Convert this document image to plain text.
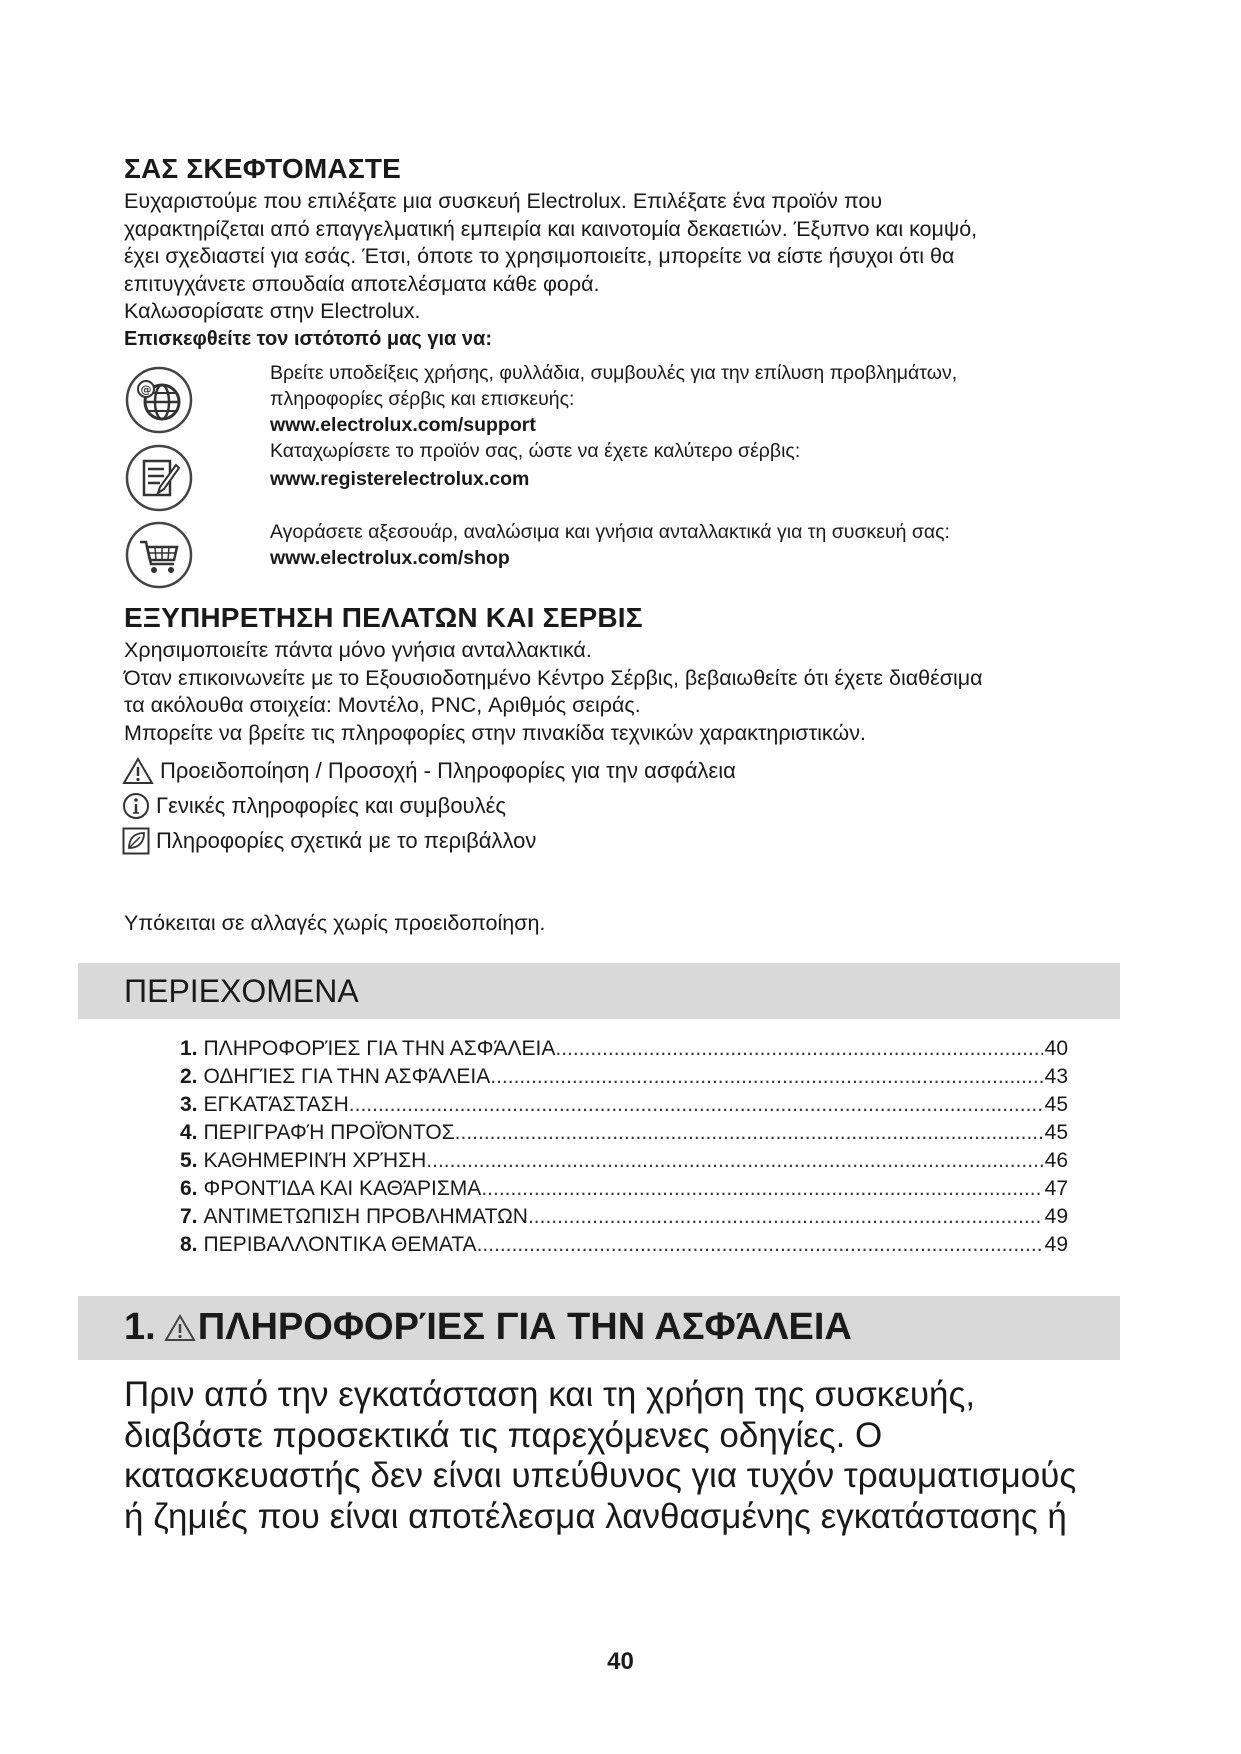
ΣΑΣ ΣΚΕΦΤΟΜΑΣΤΕ

Ευχαριστούμε που επιλέξατε μια συσκευή Electrolux. Επιλέξατε ένα προϊόν που

χαρακτηρίζεται από επαγγελματική εμπειρία και καινοτομία δεκαετιών. Έξυπνο και κομψό,

έχει σχεδιαστεί για εσάς. Έτσι, όποτε το χρησιμοποιείτε, μπορείτε να είστε ήσυχοι ότι θα

επιτυγχάνετε σπουδαία αποτελέσματα κάθε φορά.

Καλωσορίσατε στην Electrolux.

Επισκεφθείτε τον ιστότοπό μας για να:
@
Βρείτε υποδείξεις χρήσης, φυλλάδια, συμβουλές για την επίλυση προβλημάτων,
πληροφορίες σέρβις και επισκευής:
www.electrolux.com/support
Καταχωρίσετε το προϊόν σας, ώστε να έχετε καλύτερο σέρβις:
www.registerelectrolux.com
Αγοράσετε αξεσουάρ, αναλώσιμα και γνήσια ανταλλακτικά για τη συσκευή σας:
www.electrolux.com/shop
ΕΞΥΠΗΡΕΤΗΣΗ ΠΕΛΑΤΩΝ ΚΑΙ ΣΕΡΒΙΣ

Χρησιμοποιείτε πάντα μόνο γνήσια ανταλλακτικά.

Όταν επικοινωνείτε με το Εξουσιοδοτημένο Κέντρο Σέρβις, βεβαιωθείτε ότι έχετε διαθέσιμα

τα ακόλουθα στοιχεία: Μοντέλο, PNC, Αριθμός σειράς.

Μπορείτε να βρείτε τις πληροφορίες στην πινακίδα τεχνικών χαρακτηριστικών.

Προειδοποίηση / Προσοχή - Πληροφορίες για την ασφάλεια
Γενικές πληροφορίες και συμβουλές
Πληροφορίες σχετικά με το περιβάλλον
Υπόκειται σε αλλαγές χωρίς προειδοποίηση.
ΠΕΡΙΕΧΟΜΕΝΑ
1. ΠΛΗΡΟΦΟΡΊΕΣ ΓΙΑ ΤΗΝ ΑΣΦΆΛΕΙΑ .....	40
2. ΟΔΗΓΊΕΣ ΓΙΑ ΤΗΝ ΑΣΦΆΛΕΙΑ .....	43
3. ΕΓΚΑΤΆΣΤΑΣΗ .....	45
4. ΠΕΡΙΓΡΑΦΉ ΠΡΟΪΌΝΤΟΣ .....	45
5. ΚΑΘΗΜΕΡΙΝΉ ΧΡΉΣΗ .....	46
6. ΦΡΟΝΤΊΔΑ ΚΑΙ ΚΑΘΆΡΙΣΜΑ .....	47
7. ΑΝΤΙΜΕΤΩΠΙΣΗ ΠΡΟΒΛΗΜΑΤΩΝ .....	49
8. ΠΕΡΙΒΑΛΛΟΝΤΙΚΑ ΘΕΜΑΤΑ .....	49
1. ΠΛΗΡΟΦΟΡΊΕΣ ΓΙΑ ΤΗΝ ΑΣΦΆΛΕΙΑ
Πριν από την εγκατάσταση και τη χρήση της συσκευής,
διαβάστε προσεκτικά τις παρεχόμενες οδηγίες. Ο
κατασκευαστής δεν είναι υπεύθυνος για τυχόν τραυματισμούς
ή ζημιές που είναι αποτέλεσμα λανθασμένης εγκατάστασης ή
40
